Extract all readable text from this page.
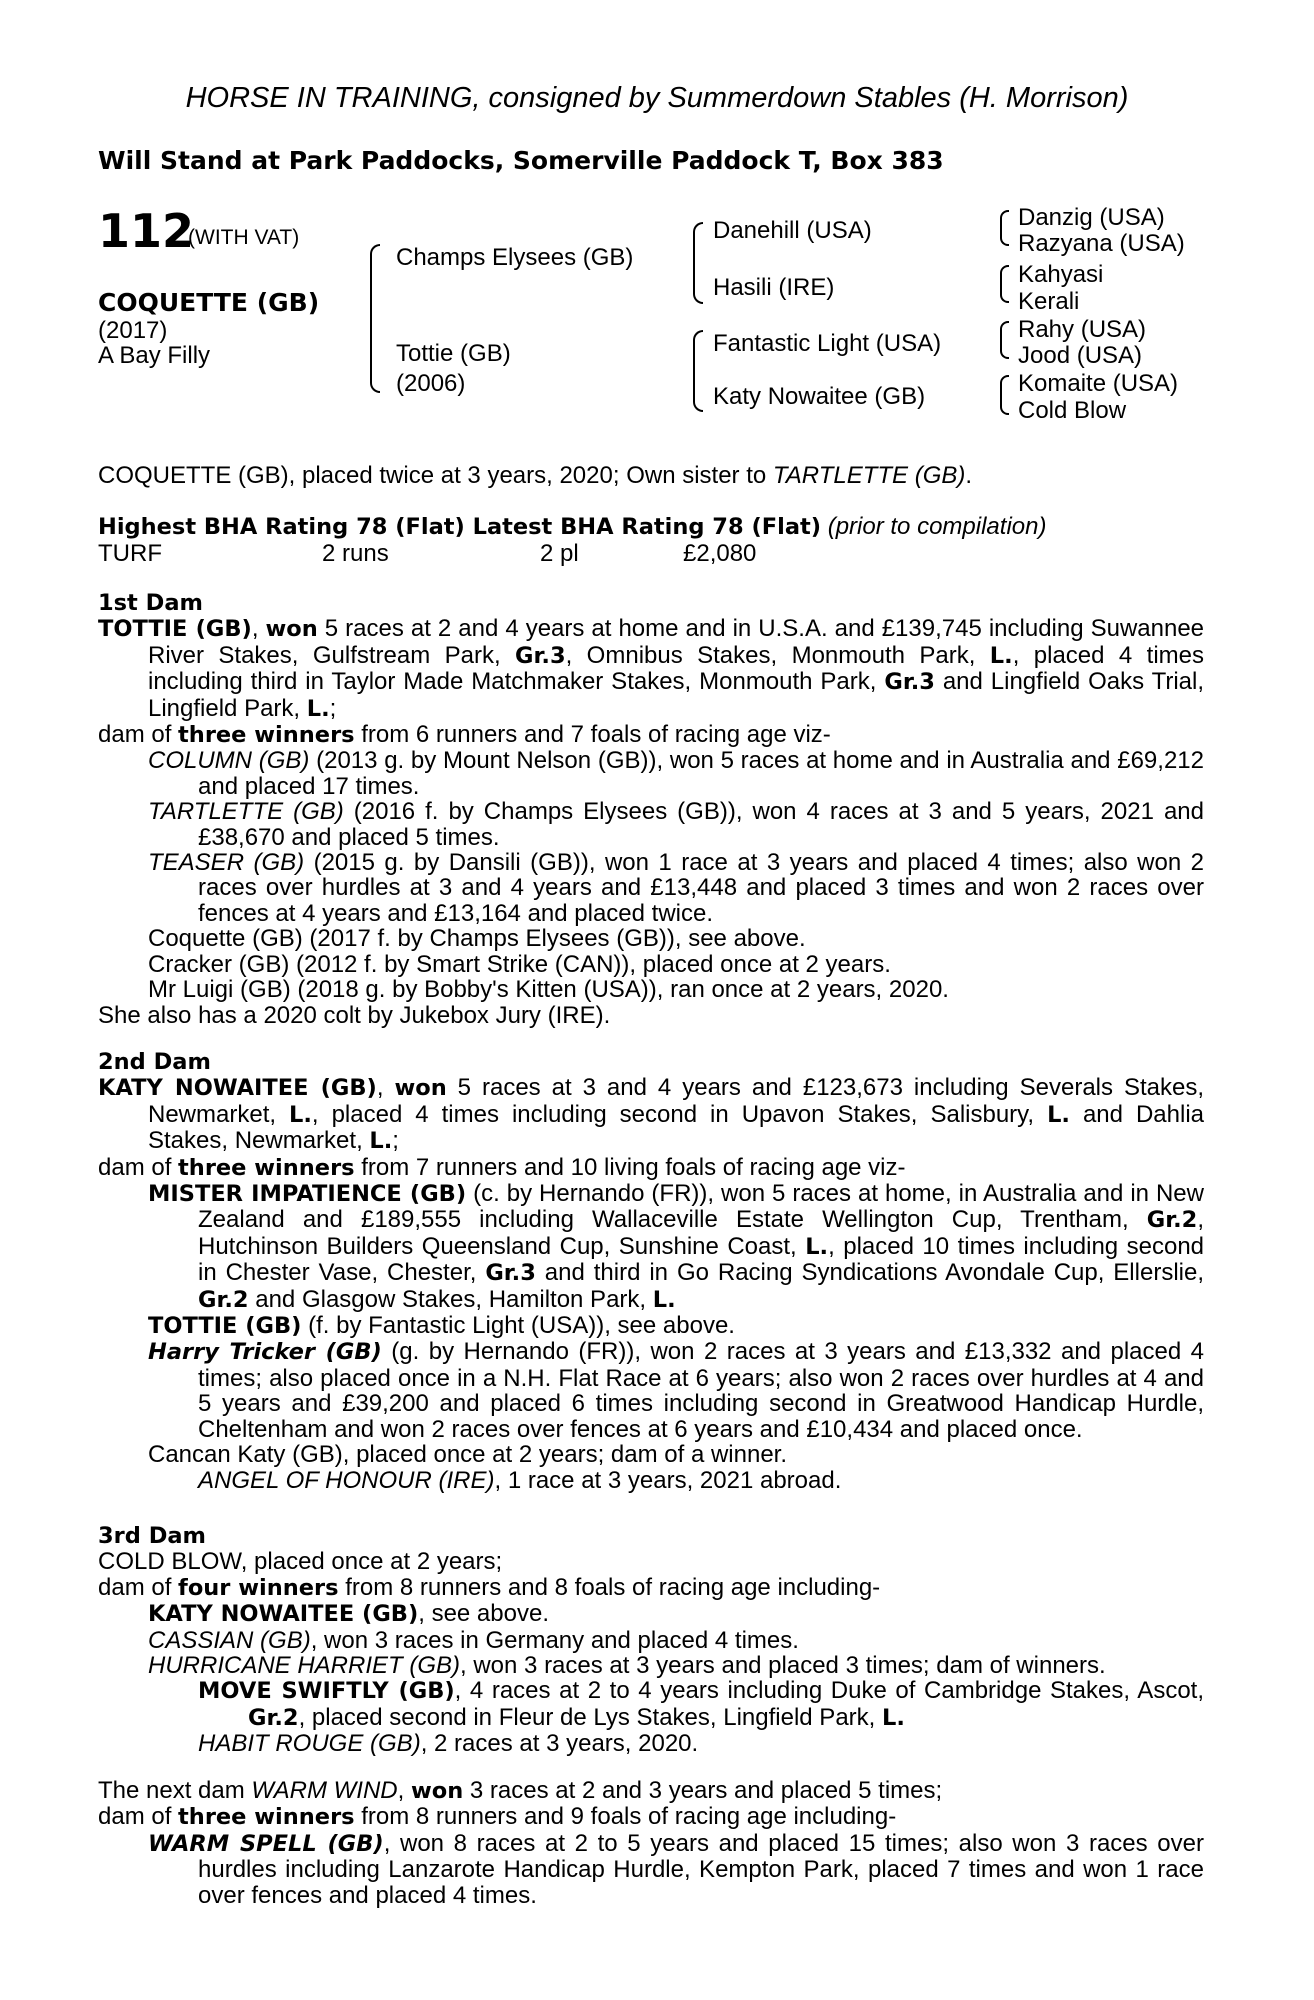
HORSE IN TRAINING, consigned by Summerdown Stables (H. Morrison)
Will Stand at Park Paddocks, Somerville Paddock T, Box 383
112
(WITH VAT)
COQUETTE (GB)
(2017)
A Bay Filly
Champs Elysees (GB)
Tottie (GB)
(2006)
Danehill (USA)
Hasili (IRE)
Fantastic Light (USA)
Katy Nowaitee (GB)
Danzig (USA)
Razyana (USA)
Kahyasi
Kerali
Rahy (USA)
Jood (USA)
Komaite (USA)
Cold Blow

COQUETTE (GB), placed twice at 3 years, 2020; Own sister to TARTLETTE (GB).

Highest BHA Rating 78 (Flat) Latest BHA Rating 78 (Flat) (prior to compilation)

TURF	2 runs	2 pl	£2,080

1st Dam

TOTTIE (GB), won 5 races at 2 and 4 years at home and in U.S.A. and £139,745 including Suwannee River Stakes, Gulfstream Park, Gr.3, Omnibus Stakes, Monmouth Park, L., placed 4 times including third in Taylor Made Matchmaker Stakes, Monmouth Park, Gr.3 and Lingfield Oaks Trial, Lingfield Park, L.;

dam of three winners from 6 runners and 7 foals of racing age viz-

COLUMN (GB) (2013 g. by Mount Nelson (GB)), won 5 races at home and in Australia and £69,212 and placed 17 times.

TARTLETTE (GB) (2016 f. by Champs Elysees (GB)), won 4 races at 3 and 5 years, 2021 and £38,670 and placed 5 times.

TEASER (GB) (2015 g. by Dansili (GB)), won 1 race at 3 years and placed 4 times; also won 2 races over hurdles at 3 and 4 years and £13,448 and placed 3 times and won 2 races over fences at 4 years and £13,164 and placed twice.

Coquette (GB) (2017 f. by Champs Elysees (GB)), see above.

Cracker (GB) (2012 f. by Smart Strike (CAN)), placed once at 2 years.

Mr Luigi (GB) (2018 g. by Bobby's Kitten (USA)), ran once at 2 years, 2020.

She also has a 2020 colt by Jukebox Jury (IRE).

2nd Dam

KATY NOWAITEE (GB), won 5 races at 3 and 4 years and £123,673 including Severals Stakes, Newmarket, L., placed 4 times including second in Upavon Stakes, Salisbury, L. and Dahlia Stakes, Newmarket, L.;

dam of three winners from 7 runners and 10 living foals of racing age viz-

MISTER IMPATIENCE (GB) (c. by Hernando (FR)), won 5 races at home, in Australia and in New Zealand and £189,555 including Wallaceville Estate Wellington Cup, Trentham, Gr.2, Hutchinson Builders Queensland Cup, Sunshine Coast, L., placed 10 times including second in Chester Vase, Chester, Gr.3 and third in Go Racing Syndications Avondale Cup, Ellerslie, Gr.2 and Glasgow Stakes, Hamilton Park, L.

TOTTIE (GB) (f. by Fantastic Light (USA)), see above.

Harry Tricker (GB) (g. by Hernando (FR)), won 2 races at 3 years and £13,332 and placed 4 times; also placed once in a N.H. Flat Race at 6 years; also won 2 races over hurdles at 4 and 5 years and £39,200 and placed 6 times including second in Greatwood Handicap Hurdle, Cheltenham and won 2 races over fences at 6 years and £10,434 and placed once.

Cancan Katy (GB), placed once at 2 years; dam of a winner.

ANGEL OF HONOUR (IRE), 1 race at 3 years, 2021 abroad.

3rd Dam

COLD BLOW, placed once at 2 years;

dam of four winners from 8 runners and 8 foals of racing age including-

KATY NOWAITEE (GB), see above.

CASSIAN (GB), won 3 races in Germany and placed 4 times.

HURRICANE HARRIET (GB), won 3 races at 3 years and placed 3 times; dam of winners.

MOVE SWIFTLY (GB), 4 races at 2 to 4 years including Duke of Cambridge Stakes, Ascot, Gr.2, placed second in Fleur de Lys Stakes, Lingfield Park, L.

HABIT ROUGE (GB), 2 races at 3 years, 2020.

The next dam WARM WIND, won 3 races at 2 and 3 years and placed 5 times;

dam of three winners from 8 runners and 9 foals of racing age including-

WARM SPELL (GB), won 8 races at 2 to 5 years and placed 15 times; also won 3 races over hurdles including Lanzarote Handicap Hurdle, Kempton Park, placed 7 times and won 1 race over fences and placed 4 times.
